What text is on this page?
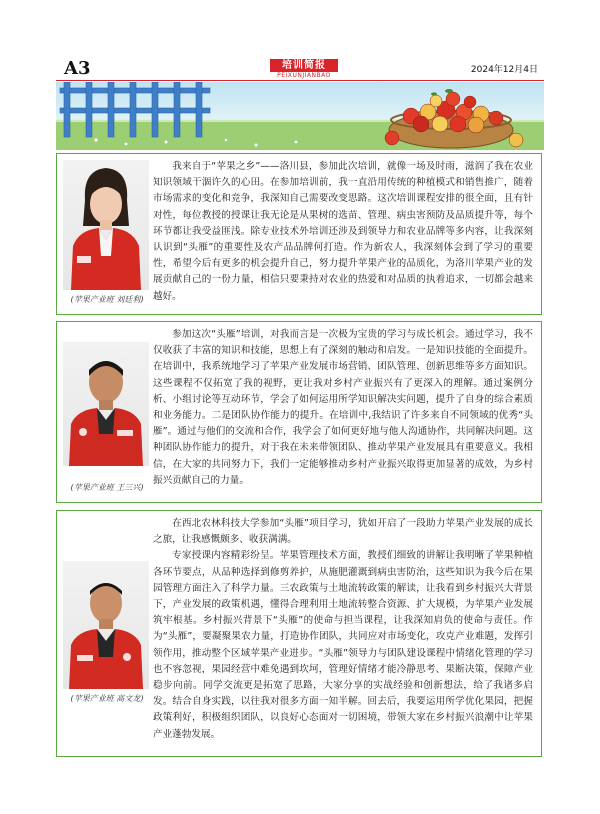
A3	培训简报
PEIXUNJIANBAO
2024年12月4日
(苹果产业班 刘廷利)

我来自于“苹果之乡”——洛川县，参加此次培训，就像一场及时雨，滋润了我在农业知识领域干涸许久的心田。在参加培训前，我一直沿用传统的种植模式和销售推广，随着市场需求的变化和竞争，我深知自己需要改变思路。这次培训课程安排的很全面，且有针对性，每位教授的授课让我无论是从果树的选苗、管理、病虫害预防及品质提升等，每个环节都让我受益匪浅。除专业技术外培训还涉及到领导力和农业品牌等多内容，让我深刻认识到“头雁”的重要性及农产品品牌何打造。作为新农人，我深刻体会到了学习的重要性，希望今后有更多的机会提升自己，努力提升苹果产业的品质化，为洛川苹果产业的发展贡献自己的一份力量，相信只要秉持对农业的热爱和对品质的执着追求，一切都会越来越好。

(苹果产业班 王三兴)

参加这次“头雁”培训，对我而言是一次极为宝贵的学习与成长机会。通过学习，我不仅收获了丰富的知识和技能，思想上有了深刻的触动和启发。一是知识技能的全面提升。在培训中，我系统地学习了苹果产业发展市场营销、团队管理、创新思维等多方面知识。这些课程不仅拓宽了我的视野，更让我对乡村产业振兴有了更深入的理解。通过案例分析、小组讨论等互动环节，学会了如何运用所学知识解决实问题，提升了自身的综合素质和业务能力。二是团队协作能力的提升。在培训中,我结识了许多来自不同领域的优秀“头雁”。通过与他们的交流和合作，我学会了如何更好地与他人沟通协作，共同解决问题。这种团队协作能力的提升，对于我在未来带领团队、推动苹果产业发展具有重要意义。我相信，在大家的共同努力下，我们一定能够推动乡村产业振兴取得更加显著的成效，为乡村振兴贡献自己的力量。

(苹果产业班 高文龙)

在西北农林科技大学参加“头雁”项目学习，犹如开启了一段助力苹果产业发展的成长之旅，让我感慨颇多、收获满满。

专家授课内容精彩纷呈。苹果管理技术方面，教授们细致的讲解让我明晰了苹果种植各环节要点，从品种选择到修剪养护，从施肥灌溉到病虫害防治，这些知识为我今后在果园管理方面注入了科学力量。三农政策与土地流转政策的解读，让我看到乡村振兴大背景下，产业发展的政策机遇，懂得合理利用土地流转整合资源、扩大规模，为苹果产业发展筑牢根基。乡村振兴背景下“头雁”的使命与担当课程，让我深知肩负的使命与责任。作为“头雁”，要凝聚果农力量，打造协作团队，共同应对市场变化，攻克产业难题，发挥引领作用，推动整个区域苹果产业进步。“头雁”领导力与团队建设课程中情绪化管理的学习也不容忽视，果园经营中难免遇到坎坷，管理好情绪才能冷静思考、果断决策，保障产业稳步向前。同学交流更是拓宽了思路，大家分享的实战经验和创新想法，给了我诸多启发。结合自身实践，以往我对很多方面一知半解。回去后，我要运用所学优化果园，把握政策利好，积极组织团队，以良好心态面对一切困境，带领大家在乡村振兴浪潮中让苹果产业蓬勃发展。
